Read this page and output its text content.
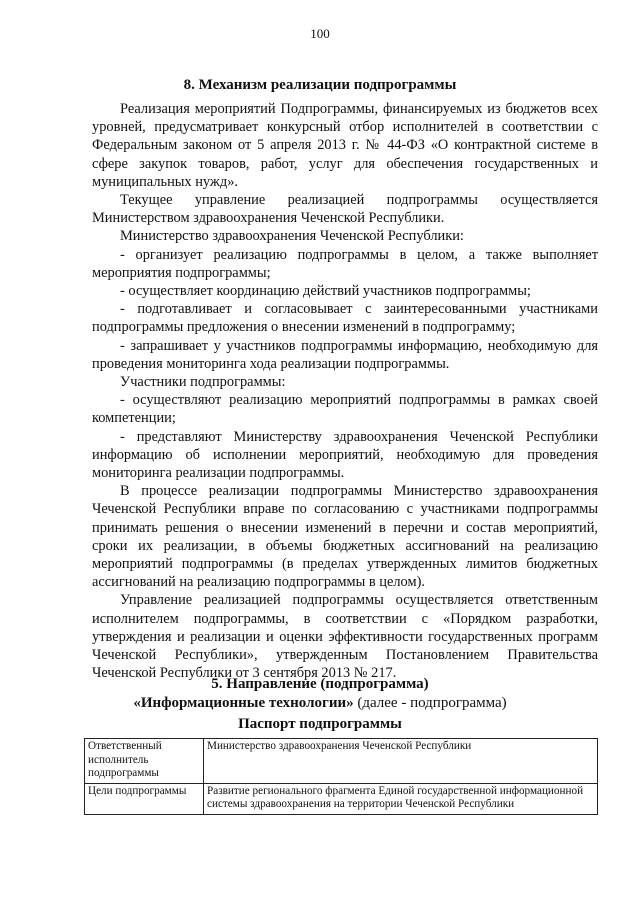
100
8. Механизм реализации подпрограммы

Реализация мероприятий Подпрограммы, финансируемых из бюджетов всех уровней, предусматривает конкурсный отбор исполнителей в соответствии с Федеральным законом от 5 апреля 2013 г. № 44-ФЗ «О контрактной системе в сфере закупок товаров, работ, услуг для обеспечения государственных и муниципальных нужд».

Текущее управление реализацией подпрограммы осуществляется Министерством здравоохранения Чеченской Республики.

Министерство здравоохранения Чеченской Республики:

- организует реализацию подпрограммы в целом, а также выполняет мероприятия подпрограммы;

- осуществляет координацию действий участников подпрограммы;

- подготавливает и согласовывает с заинтересованными участниками подпрограммы предложения о внесении изменений в подпрограмму;

- запрашивает у участников подпрограммы информацию, необходимую для проведения мониторинга хода реализации подпрограммы.

Участники подпрограммы:

- осуществляют реализацию мероприятий подпрограммы в рамках своей компетенции;

- представляют Министерству здравоохранения Чеченской Республики информацию об исполнении мероприятий, необходимую для проведения мониторинга реализации подпрограммы.

В процессе реализации подпрограммы Министерство здравоохранения Чеченской Республики вправе по согласованию с участниками подпрограммы принимать решения о внесении изменений в перечни и состав мероприятий, сроки их реализации, в объемы бюджетных ассигнований на реализацию мероприятий подпрограммы (в пределах утвержденных лимитов бюджетных ассигнований на реализацию подпрограммы в целом).

Управление реализацией подпрограммы осуществляется ответственным исполнителем подпрограммы, в соответствии с «Порядком разработки, утверждения и реализации и оценки эффективности государственных программ Чеченской Республики», утвержденным Постановлением Правительства Чеченской Республики от 3 сентября 2013 № 217.

5. Направление (подпрограмма)
«Информационные технологии» (далее - подпрограмма)
Паспорт подпрограммы
Ответственный исполнитель подпрограммы	Министерство здравоохранения Чеченской Республики
Цели подпрограммы	Развитие регионального фрагмента Единой государственной информационной системы здравоохранения на территории Чеченской Республики
